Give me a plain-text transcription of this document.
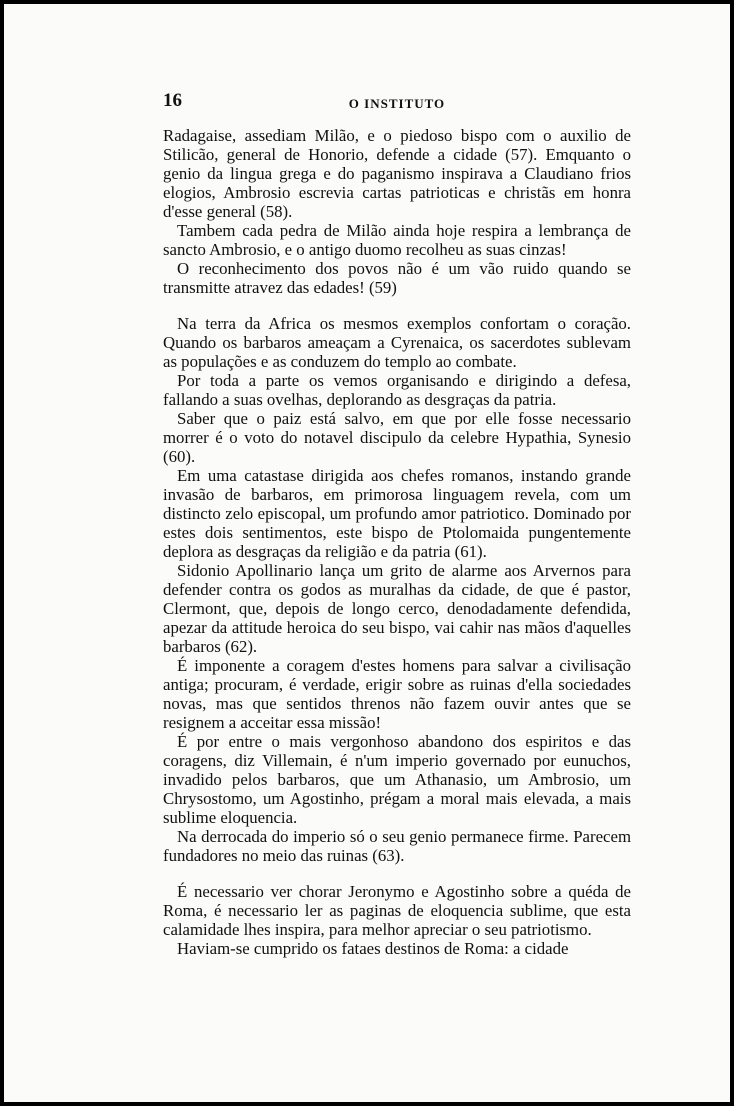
16	O INSTITUTO

Radagaise, assediam Milão, e o piedoso bispo com o auxilio de Stilicão, general de Honorio, defende a cidade (57). Emquanto o genio da lingua grega e do paganismo inspirava a Claudiano frios elogios, Ambrosio escrevia cartas patrioticas e christãs em honra d'esse general (58).

Tambem cada pedra de Milão ainda hoje respira a lembrança de sancto Ambrosio, e o antigo duomo recolheu as suas cinzas!

O reconhecimento dos povos não é um vão ruido quando se transmitte atravez das edades! (59)

Na terra da Africa os mesmos exemplos confortam o coração. Quando os barbaros ameaçam a Cyrenaica, os sacerdotes sublevam as populações e as conduzem do templo ao combate.

Por toda a parte os vemos organisando e dirigindo a defesa, fallando a suas ovelhas, deplorando as desgraças da patria.

Saber que o paiz está salvo, em que por elle fosse necessario morrer é o voto do notavel discipulo da celebre Hypathia, Synesio (60).

Em uma catastase dirigida aos chefes romanos, instando grande invasão de barbaros, em primorosa linguagem revela, com um distincto zelo episcopal, um profundo amor patriotico. Dominado por estes dois sentimentos, este bispo de Ptolomaida pungentemente deplora as desgraças da religião e da patria (61).

Sidonio Apollinario lança um grito de alarme aos Arvernos para defender contra os godos as muralhas da cidade, de que é pastor, Clermont, que, depois de longo cerco, denodadamente defendida, apezar da attitude heroica do seu bispo, vai cahir nas mãos d'aquelles barbaros (62).

É imponente a coragem d'estes homens para salvar a civilisação antiga; procuram, é verdade, erigir sobre as ruinas d'ella sociedades novas, mas que sentidos threnos não fazem ouvir antes que se resignem a acceitar essa missão!

É por entre o mais vergonhoso abandono dos espiritos e das coragens, diz Villemain, é n'um imperio governado por eunuchos, invadido pelos barbaros, que um Athanasio, um Ambrosio, um Chrysostomo, um Agostinho, prégam a moral mais elevada, a mais sublime eloquencia.

Na derrocada do imperio só o seu genio permanece firme. Parecem fundadores no meio das ruinas (63).

É necessario ver chorar Jeronymo e Agostinho sobre a quéda de Roma, é necessario ler as paginas de eloquencia sublime, que esta calamidade lhes inspira, para melhor apreciar o seu patriotismo.

Haviam-se cumprido os fataes destinos de Roma: a cidade
